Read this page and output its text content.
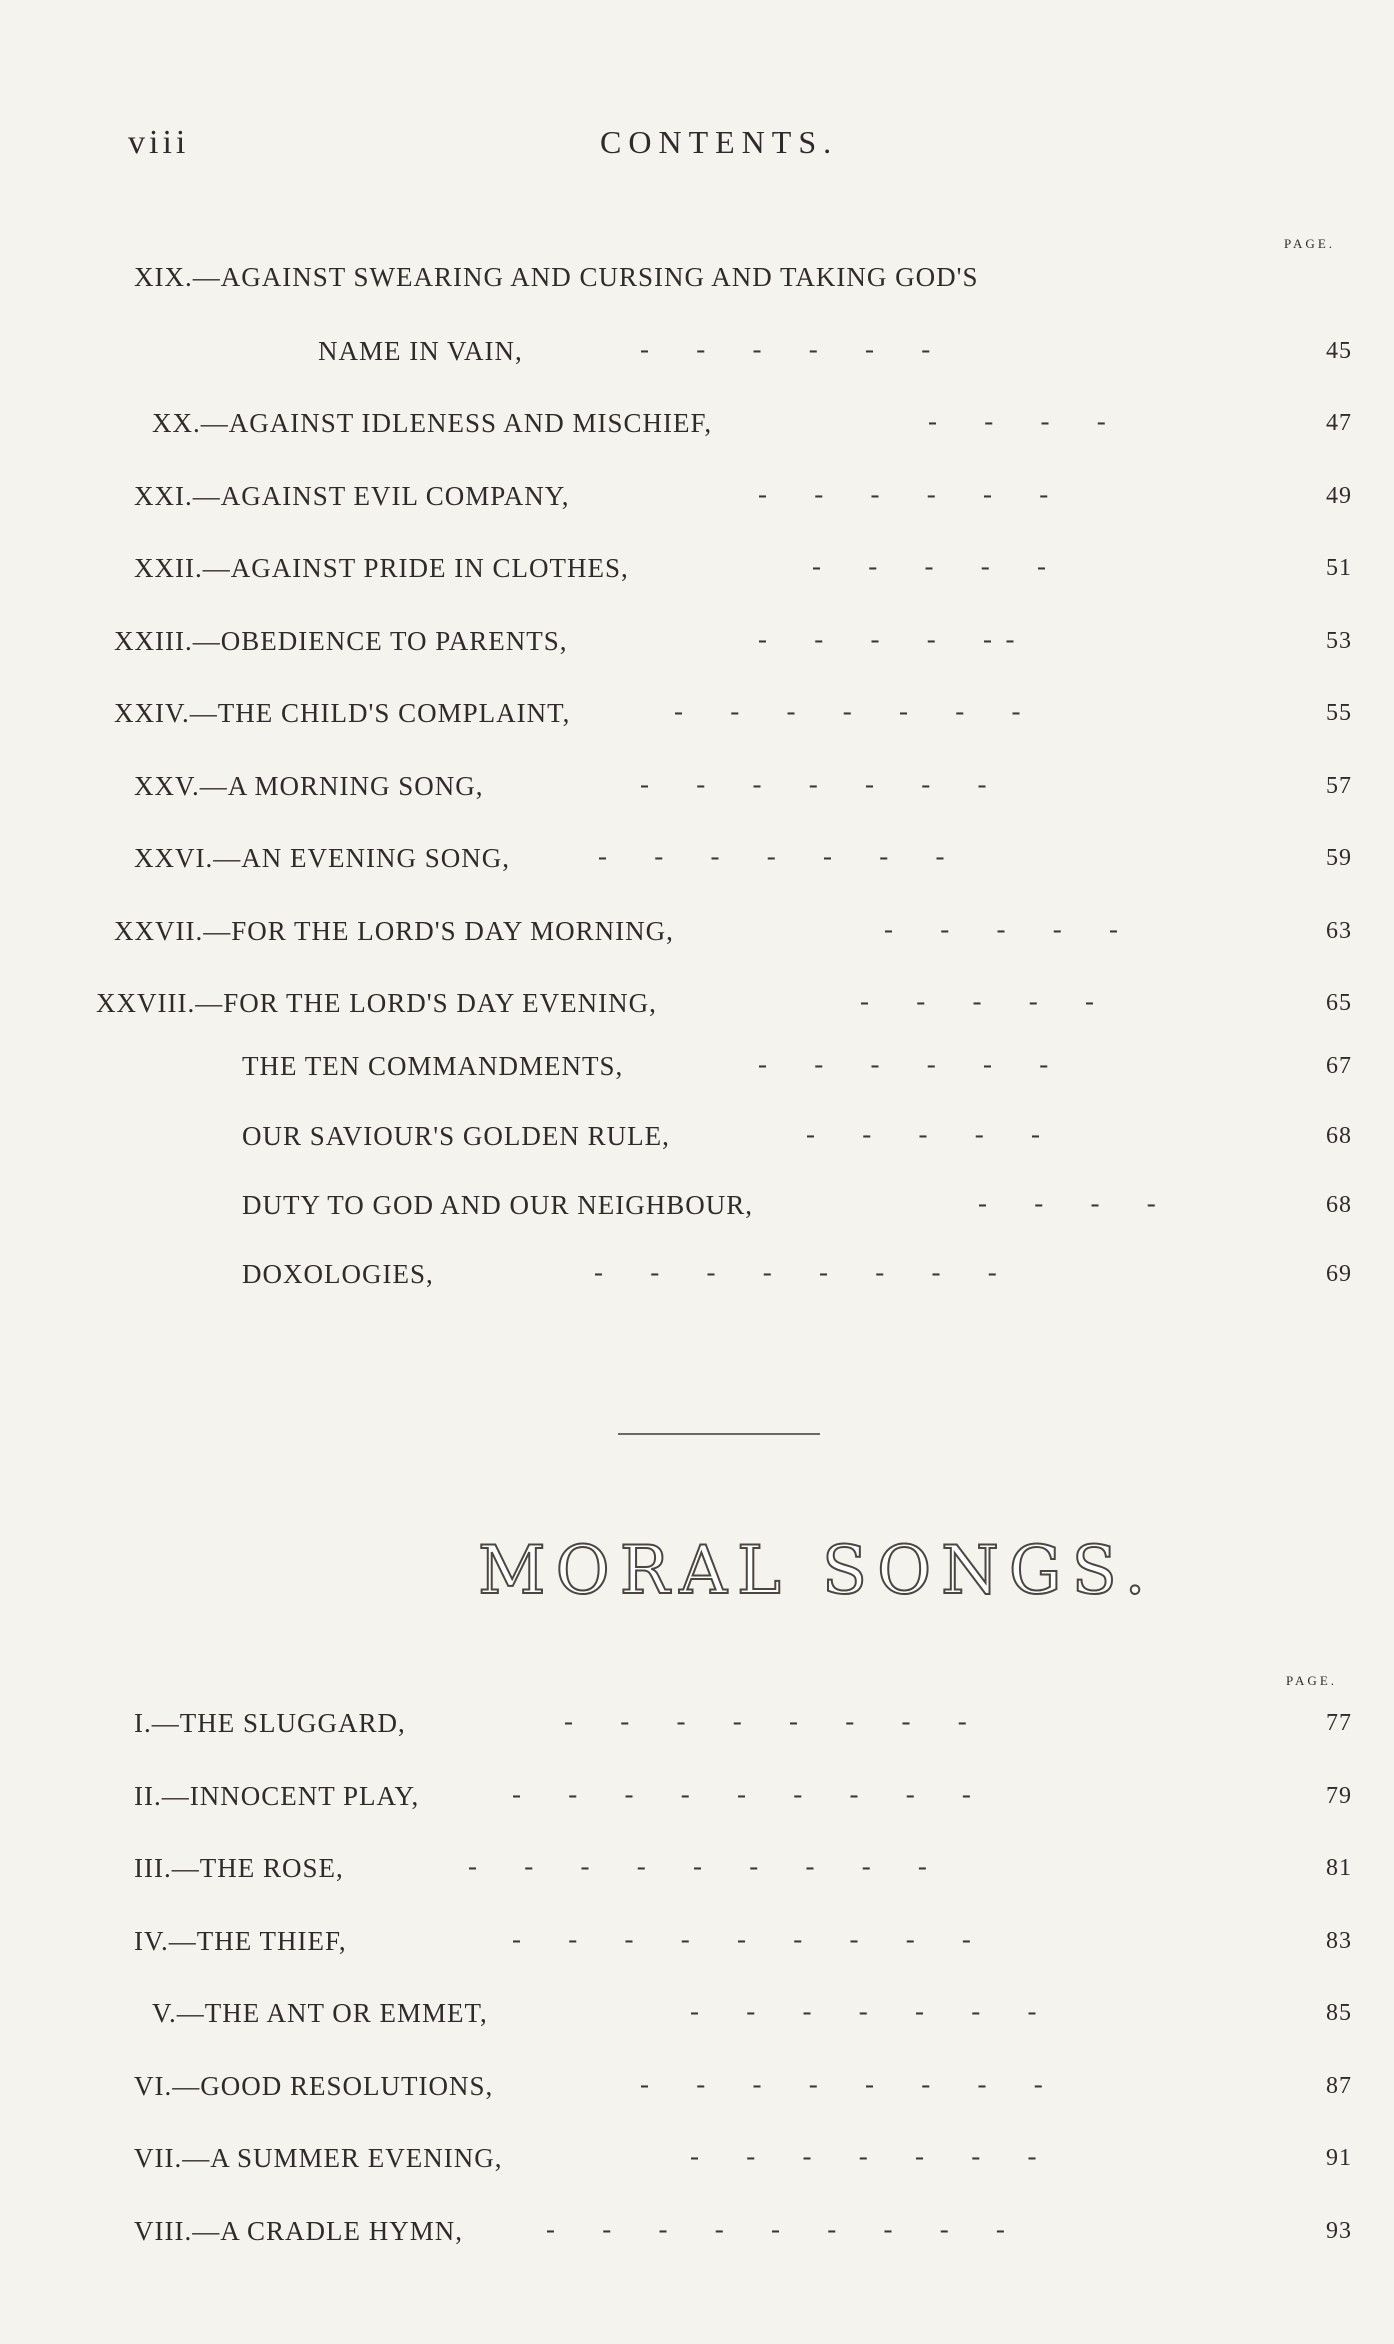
viii	CONTENTS.
PAGE.
XIX.—AGAINST SWEARING AND CURSING AND TAKING GOD'S
NAME IN VAIN,	-       -       -       -       -       -	45
XX.—AGAINST IDLENESS AND MISCHIEF,	-       -       -       -	47
XXI.—AGAINST EVIL COMPANY,	-       -       -       -       -       -	49
XXII.—AGAINST PRIDE IN CLOTHES,	-       -       -       -       -	51
XXIII.—OBEDIENCE TO PARENTS,	-       -       -       -       -  -	53
XXIV.—THE CHILD'S COMPLAINT,	-       -       -       -       -       -       -	55
XXV.—A MORNING SONG,	-       -       -       -       -       -       -	57
XXVI.—AN EVENING SONG,	-       -       -       -       -       -       -	59
XXVII.—FOR THE LORD'S DAY MORNING,	-       -       -       -       -	63
XXVIII.—FOR THE LORD'S DAY EVENING,	-       -       -       -       -	65
THE TEN COMMANDMENTS,	-       -       -       -       -       -	67
OUR SAVIOUR'S GOLDEN RULE,	-       -       -       -       -	68
DUTY TO GOD AND OUR NEIGHBOUR,	-       -       -       -	68
DOXOLOGIES,	-       -       -       -       -       -       -       -	69
MORAL SONGS.
PAGE.
I.—THE SLUGGARD,	-       -       -       -       -       -       -       -	77
II.—INNOCENT PLAY,	-       -       -       -       -       -       -       -       -	79
III.—THE ROSE,	-       -       -       -       -       -       -       -       -	81
IV.—THE THIEF,	-       -       -       -       -       -       -       -       -	83
V.—THE ANT OR EMMET,	-       -       -       -       -       -       -	85
VI.—GOOD RESOLUTIONS,	-       -       -       -       -       -       -       -	87
VII.—A SUMMER EVENING,	-       -       -       -       -       -       -	91
VIII.—A CRADLE HYMN,	-       -       -       -       -       -       -       -       -	93
